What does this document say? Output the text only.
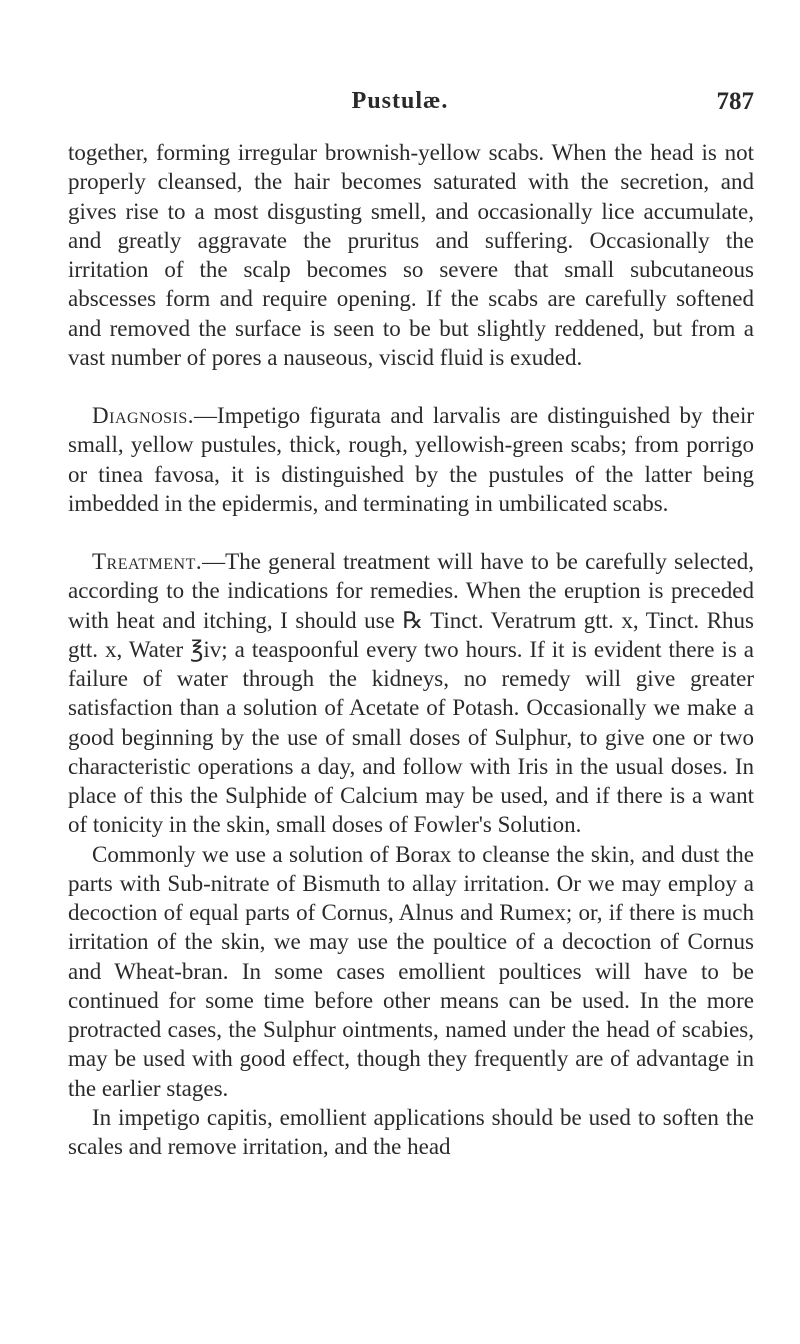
Pustulæ.	787

together, forming irregular brownish-yellow scabs. When the head is not properly cleansed, the hair becomes saturated with the secretion, and gives rise to a most disgusting smell, and occasionally lice accumulate, and greatly aggravate the pruritus and suffering. Occasionally the irritation of the scalp becomes so severe that small subcutaneous abscesses form and require opening. If the scabs are carefully softened and removed the surface is seen to be but slightly reddened, but from a vast number of pores a nauseous, viscid fluid is exuded.

Diagnosis.—Impetigo figurata and larvalis are distinguished by their small, yellow pustules, thick, rough, yellowish-green scabs; from porrigo or tinea favosa, it is distinguished by the pustules of the latter being imbedded in the epidermis, and terminating in umbilicated scabs.

Treatment.—The general treatment will have to be carefully selected, according to the indications for remedies. When the eruption is preceded with heat and itching, I should use ℞ Tinct. Veratrum gtt. x, Tinct. Rhus gtt. x, Water ℥iv; a teaspoonful every two hours. If it is evident there is a failure of water through the kidneys, no remedy will give greater satisfaction than a solution of Acetate of Potash. Occasionally we make a good beginning by the use of small doses of Sulphur, to give one or two characteristic operations a day, and follow with Iris in the usual doses. In place of this the Sulphide of Calcium may be used, and if there is a want of tonicity in the skin, small doses of Fowler's Solution.

Commonly we use a solution of Borax to cleanse the skin, and dust the parts with Sub-nitrate of Bismuth to allay irritation. Or we may employ a decoction of equal parts of Cornus, Alnus and Rumex; or, if there is much irritation of the skin, we may use the poultice of a decoction of Cornus and Wheat-bran. In some cases emollient poultices will have to be continued for some time before other means can be used. In the more protracted cases, the Sulphur ointments, named under the head of scabies, may be used with good effect, though they frequently are of advantage in the earlier stages.

In impetigo capitis, emollient applications should be used to soften the scales and remove irritation, and the head
